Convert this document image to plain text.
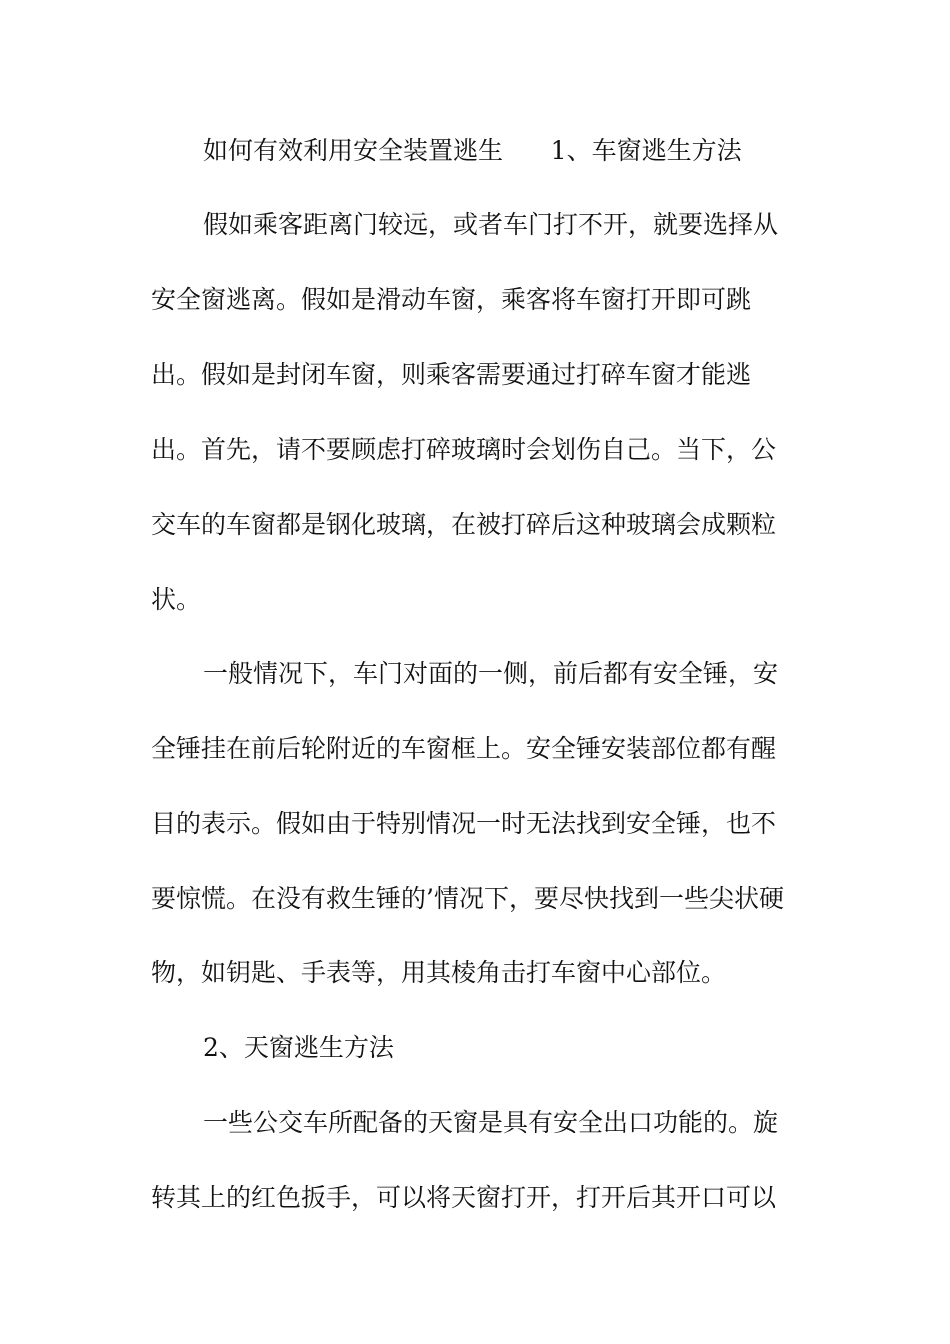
如何有效利用安全装置逃生      1、车窗逃生方法
假如乘客距离门较远，或者车门打不开，就要选择从
安全窗逃离。假如是滑动车窗，乘客将车窗打开即可跳
出。假如是封闭车窗，则乘客需要通过打碎车窗才能逃
出。首先，请不要顾虑打碎玻璃时会划伤自己。当下，公
交车的车窗都是钢化玻璃，在被打碎后这种玻璃会成颗粒
状。
一般情况下，车门对面的一侧，前后都有安全锤，安
全锤挂在前后轮附近的车窗框上。安全锤安装部位都有醒
目的表示。假如由于特别情况一时无法找到安全锤，也不
要惊慌。在没有救生锤的’情况下，要尽快找到一些尖状硬
物，如钥匙、手表等，用其棱角击打车窗中心部位。
2、天窗逃生方法
一些公交车所配备的天窗是具有安全出口功能的。旋
转其上的红色扳手，可以将天窗打开，打开后其开口可以
